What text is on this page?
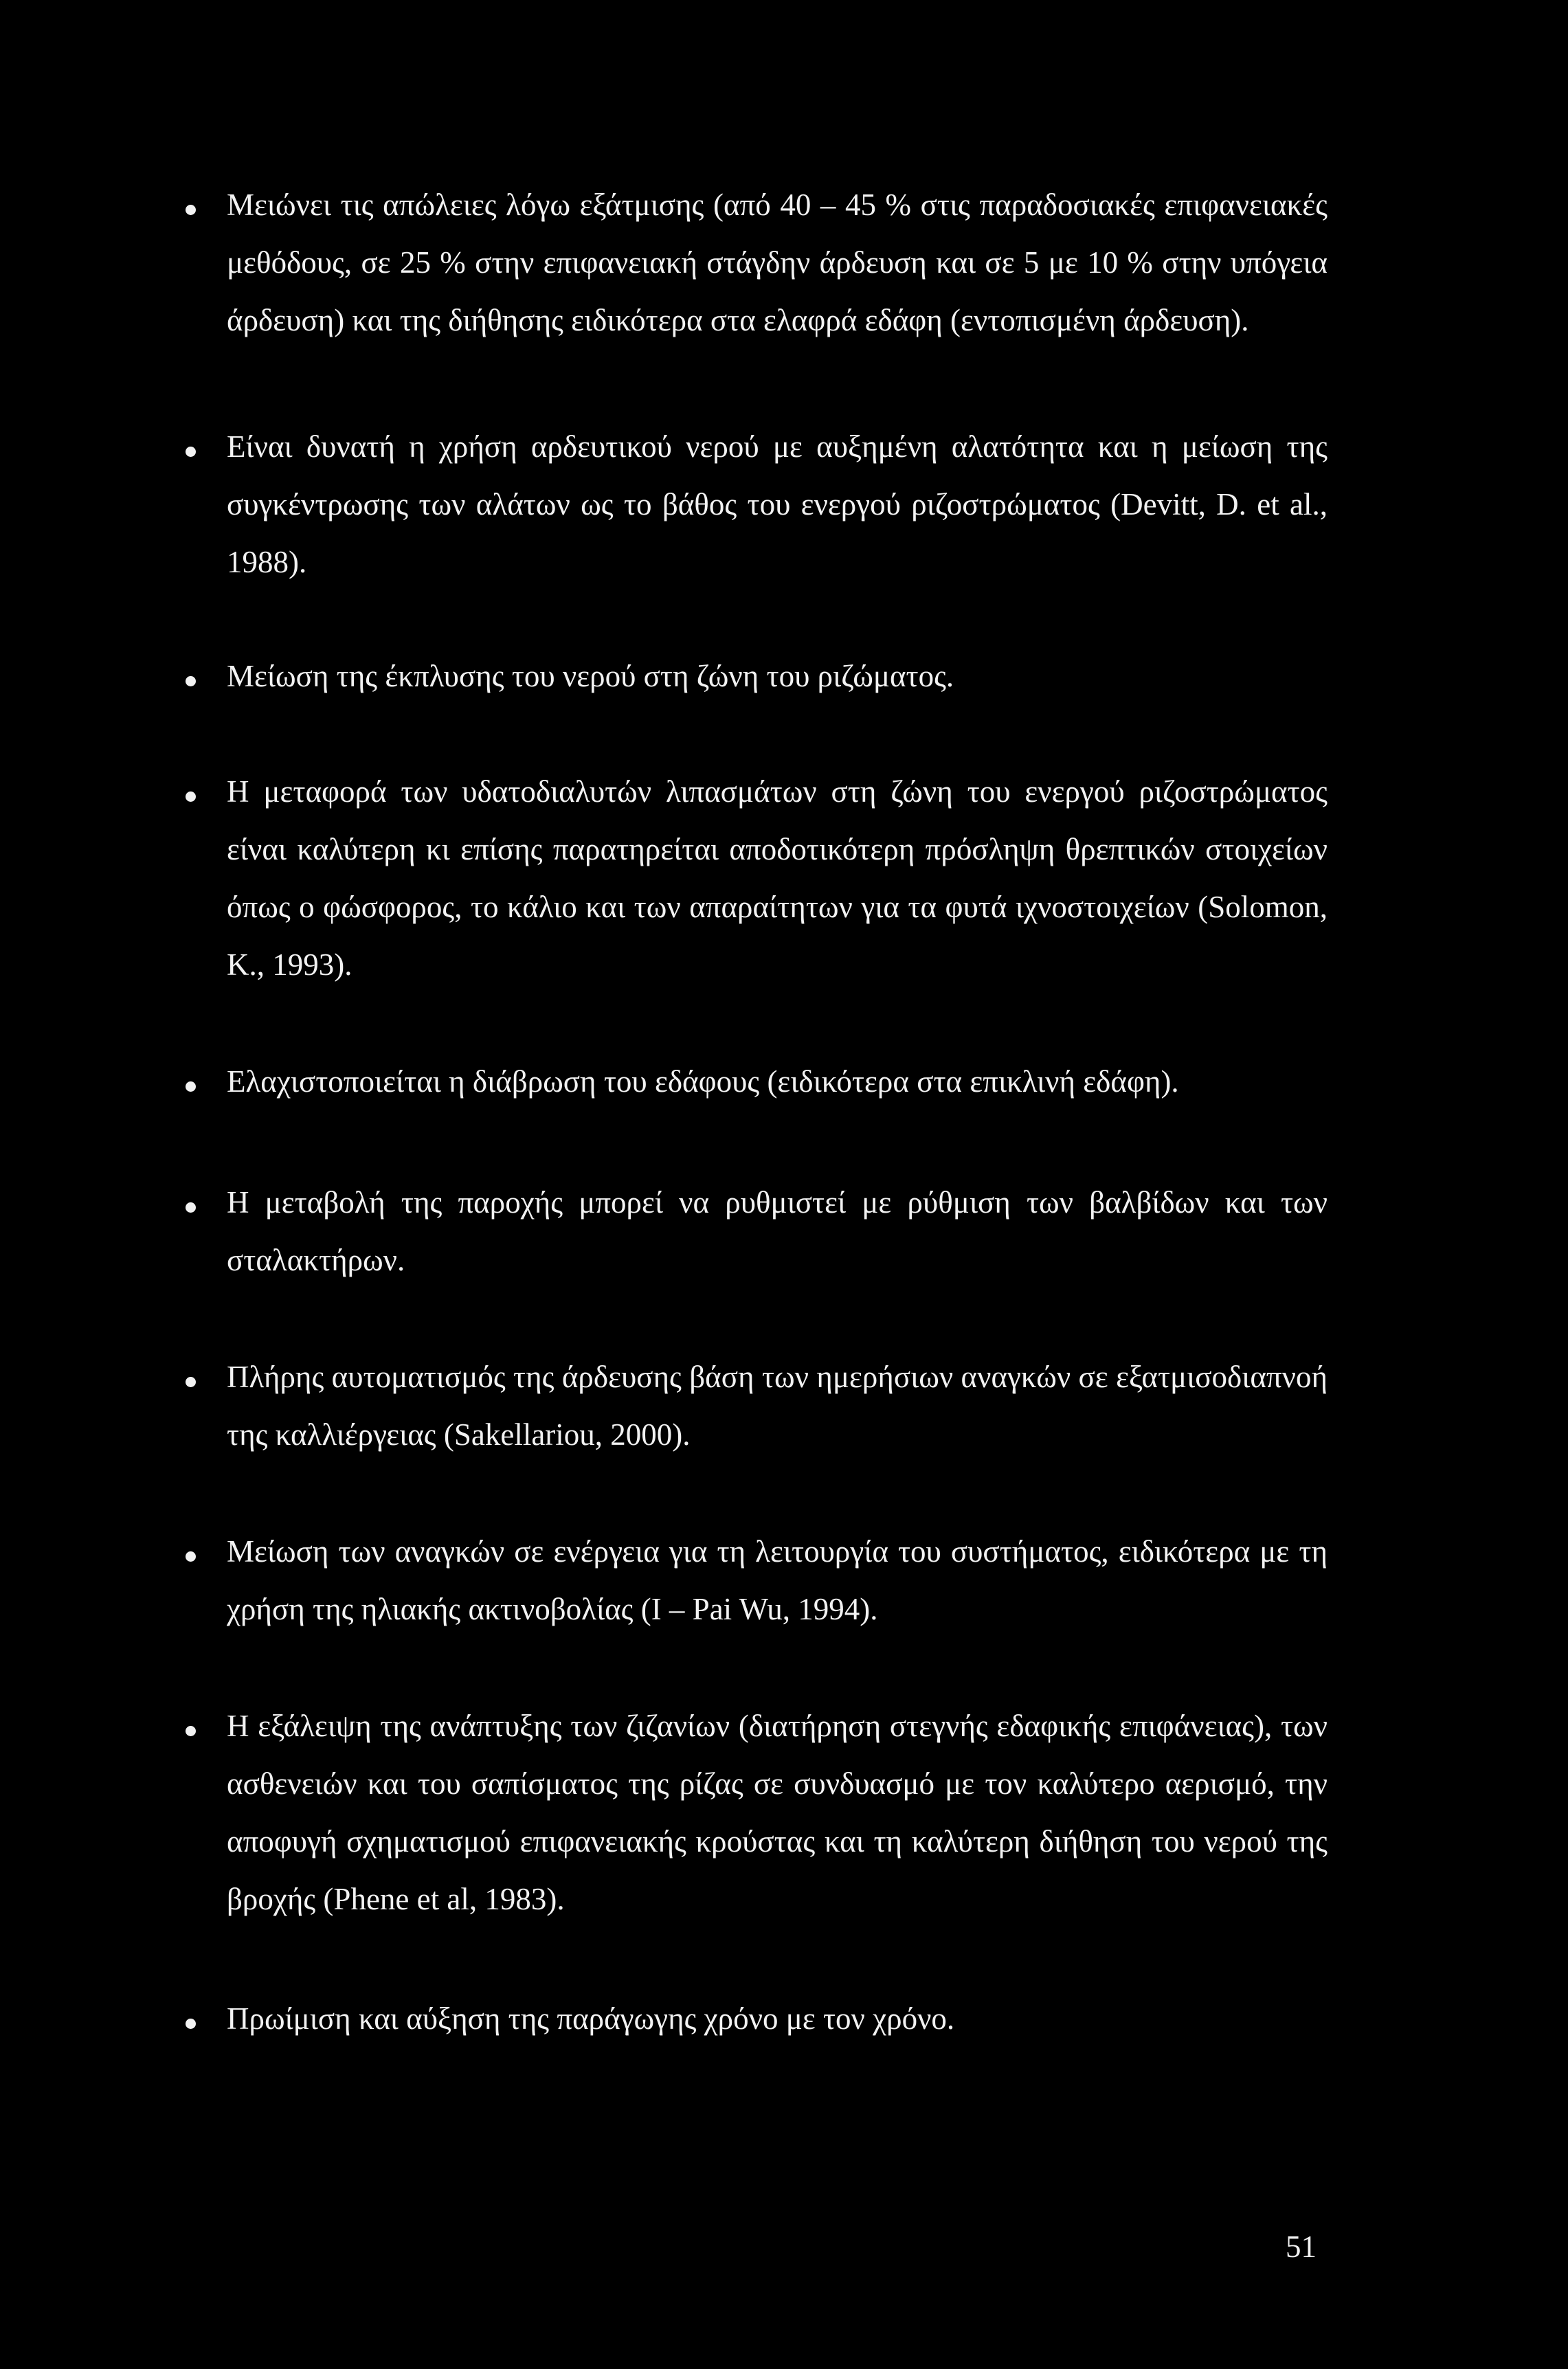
Μειώνει τις απώλειες λόγω εξάτμισης (από 40 – 45 % στις παραδοσιακές επιφανειακές μεθόδους, σε 25 % στην επιφανειακή στάγδην άρδευση και σε 5 με 10 % στην υπόγεια άρδευση) και της διήθησης ειδικότερα στα ελαφρά εδάφη (εντοπισμένη άρδευση).
Είναι δυνατή η χρήση αρδευτικού νερού με αυξημένη αλατότητα και η μείωση της συγκέντρωσης των αλάτων ως το βάθος του ενεργού ριζοστρώματος (Devitt, D. et al., 1988).
Μείωση της έκπλυσης του νερού στη ζώνη του ριζώματος.
Η μεταφορά των υδατοδιαλυτών λιπασμάτων στη ζώνη του ενεργού ριζοστρώματος είναι καλύτερη κι επίσης παρατηρείται αποδοτικότερη πρόσληψη θρεπτικών στοιχείων όπως ο φώσφορος, το κάλιο και των απαραίτητων για τα φυτά ιχνοστοιχείων (Solomon, K., 1993).
Ελαχιστοποιείται η διάβρωση του εδάφους (ειδικότερα στα επικλινή εδάφη).
Η μεταβολή της παροχής μπορεί να ρυθμιστεί με ρύθμιση των βαλβίδων και των σταλακτήρων.
Πλήρης αυτοματισμός της άρδευσης βάση των ημερήσιων αναγκών σε εξατμισοδιαπνοή της καλλιέργειας (Sakellariou, 2000).
Μείωση των αναγκών σε ενέργεια για τη λειτουργία του συστήματος, ειδικότερα με τη χρήση της ηλιακής ακτινοβολίας (I – Pai Wu, 1994).
Η εξάλειψη της ανάπτυξης των ζιζανίων (διατήρηση στεγνής εδαφικής επιφάνειας), των ασθενειών και του σαπίσματος της ρίζας σε συνδυασμό με τον καλύτερο αερισμό, την αποφυγή σχηματισμού επιφανειακής κρούστας και τη καλύτερη διήθηση του νερού της βροχής (Phene et al, 1983).
Πρωίμιση και αύξηση της παράγωγης χρόνο με τον χρόνο.
51
